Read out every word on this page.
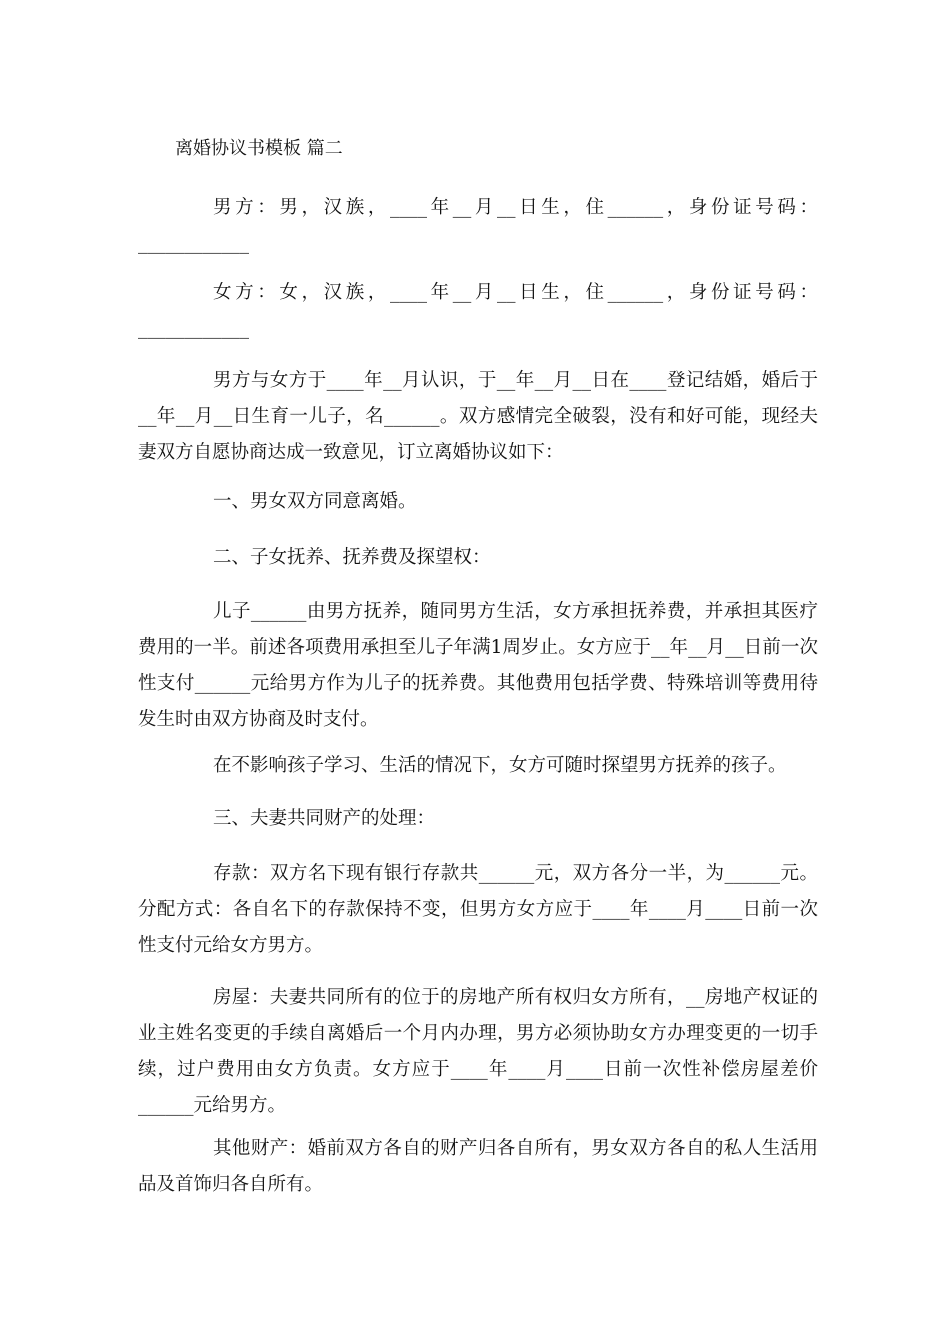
离婚协议书模板 篇二

男方：男，汉族，____年__月__日生，住______，身份证号码：____________

女方：女，汉族，____年__月__日生，住______，身份证号码：____________

男方与女方于____年__月认识，于__年__月__日在____登记结婚，婚后于__年__月__日生育一儿子，名______。双方感情完全破裂，没有和好可能，现经夫妻双方自愿协商达成一致意见，订立离婚协议如下：

一、男女双方同意离婚。

二、子女抚养、抚养费及探望权：

儿子______由男方抚养，随同男方生活，女方承担抚养费，并承担其医疗费用的一半。前述各项费用承担至儿子年满1周岁止。女方应于__年__月__日前一次性支付______元给男方作为儿子的抚养费。其他费用包括学费、特殊培训等费用待发生时由双方协商及时支付。

在不影响孩子学习、生活的情况下，女方可随时探望男方抚养的孩子。

三、夫妻共同财产的处理：

存款：双方名下现有银行存款共______元，双方各分一半，为______元。分配方式：各自名下的存款保持不变，但男方女方应于____年____月____日前一次性支付元给女方男方。

房屋：夫妻共同所有的位于的房地产所有权归女方所有，__房地产权证的业主姓名变更的手续自离婚后一个月内办理，男方必须协助女方办理变更的一切手续，过户费用由女方负责。女方应于____年____月____日前一次性补偿房屋差价______元给男方。

其他财产：婚前双方各自的财产归各自所有，男女双方各自的私人生活用品及首饰归各自所有。
